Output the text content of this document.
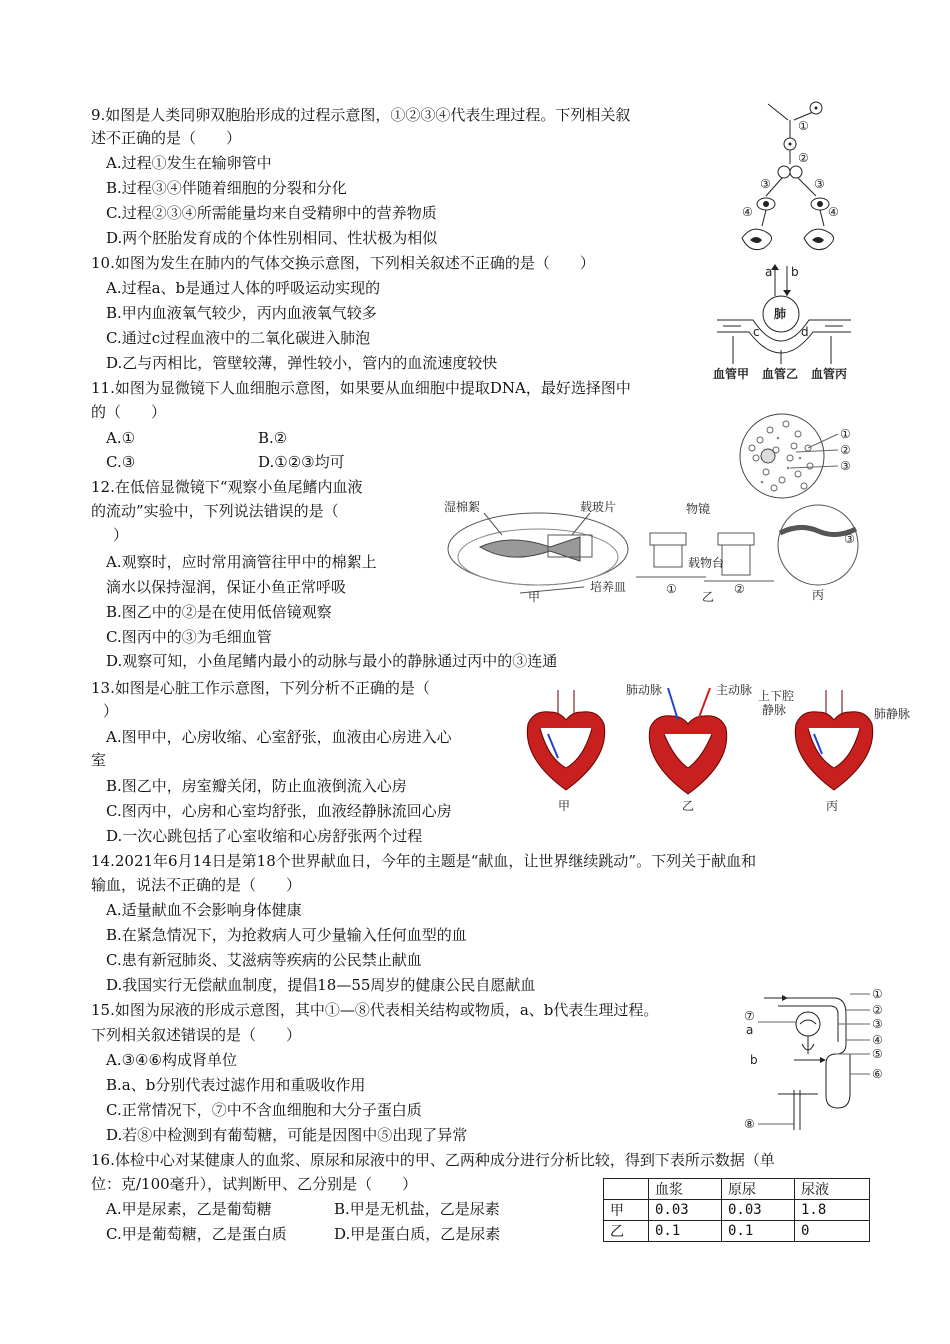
9.如图是人类同卵双胞胎形成的过程示意图，①②③④代表生理过程。下列相关叙
述不正确的是（　　）
A.过程①发生在输卵管中
B.过程③④伴随着细胞的分裂和分化
C.过程②③④所需能量均来自受精卵中的营养物质
D.两个胚胎发育成的个体性别相同、性状极为相似
①
②
③	③
④	④
10.如图为发生在肺内的气体交换示意图，下列相关叙述不正确的是（　　）
A.过程a、b是通过人体的呼吸运动实现的
B.甲内血液氧气较少，丙内血液氧气较多
C.通过c过程血液中的二氧化碳进入肺泡
D.乙与丙相比，管壁较薄，弹性较小，管内的血流速度较快
a b
肺
c	d
血管甲 血管乙 血管丙
11.如图为显微镜下人血细胞示意图，如果要从血细胞中提取DNA，最好选择图中
的（　　）
A.①	B.②
C.③	D.①②③均可
①
②
③
12.在低倍显微镜下“观察小鱼尾鳍内血液
的流动”实验中，下列说法错误的是（
）
A.观察时，应时常用滴管往甲中的棉絮上
滴水以保持湿润，保证小鱼正常呼吸
B.图乙中的②是在使用低倍镜观察
C.图丙中的③为毛细血管
D.观察可知，小鱼尾鳍内最小的动脉与最小的静脉通过丙中的③连通
湿棉絮	载玻片
培养皿
甲
物镜
载物台
①	②
乙
③
丙
13.如图是心脏工作示意图，下列分析不正确的是（
）
A.图甲中，心房收缩、心室舒张，血液由心房进入心
室
B.图乙中，房室瓣关闭，防止血液倒流入心房
C.图丙中，心房和心室均舒张，血液经静脉流回心房
D.一次心跳包括了心室收缩和心房舒张两个过程
甲
肺动脉	主动脉
乙
上下腔
静脉	肺静脉
丙
14.2021年6月14日是第18个世界献血日，今年的主题是“献血，让世界继续跳动”。下列关于献血和
输血，说法不正确的是（　　）
A.适量献血不会影响身体健康
B.在紧急情况下，为抢救病人可少量输入任何血型的血
C.患有新冠肺炎、艾滋病等疾病的公民禁止献血
D.我国实行无偿献血制度，提倡18—55周岁的健康公民自愿献血
15.如图为尿液的形成示意图，其中①—⑧代表相关结构或物质，a、b代表生理过程。
下列相关叙述错误的是（　　）
A.③④⑥构成肾单位
B.a、b分别代表过滤作用和重吸收作用
C.正常情况下，⑦中不含血细胞和大分子蛋白质
D.若⑧中检测到有葡萄糖，可能是因图中⑤出现了异常
①
②
③
④
⑤
⑥
⑦
a
b
⑧
16.体检中心对某健康人的血浆、原尿和尿液中的甲、乙两种成分进行分析比较，得到下表所示数据（单
位：克/100毫升），试判断甲、乙分别是（　　）
A.甲是尿素，乙是葡萄糖	B.甲是无机盐，乙是尿素
C.甲是葡萄糖，乙是蛋白质	D.甲是蛋白质，乙是尿素
	血浆	原尿	尿液
甲	0.03	0.03	1.8
乙	0.1	0.1	0
